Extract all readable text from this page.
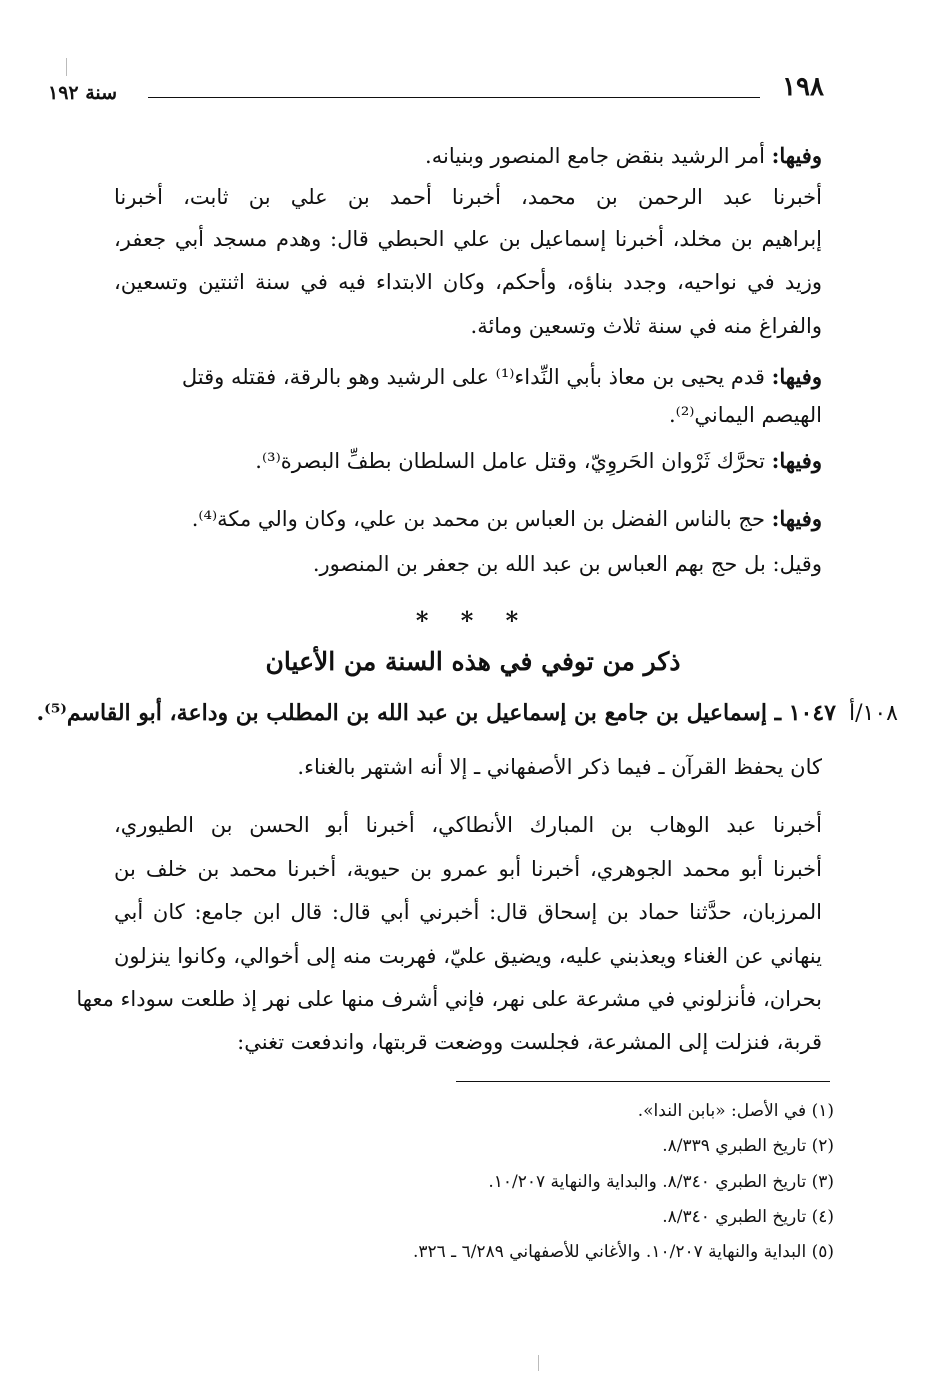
١٩٨
سنة ١٩٢
وفيها: أمر الرشيد بنقض جامع المنصور وبنيانه.
أخبرنا عبد الرحمن بن محمد، أخبرنا أحمد بن علي بن ثابت، أخبرنا
إبراهيم بن مخلد، أخبرنا إسماعيل بن علي الحبطي قال: وهدم مسجد أبي جعفر،
وزيد في نواحيه، وجدد بناؤه، وأحكم، وكان الابتداء فيه في سنة اثنتين وتسعين،
والفراغ منه في سنة ثلاث وتسعين ومائة.
وفيها: قدم يحيى بن معاذ بأبي النِّداء⁽¹⁾ على الرشيد وهو بالرقة، فقتله وقتل
الهيصم اليماني⁽²⁾.
وفيها: تحرَّك ثَرْوان الحَروِيّ، وقتل عامل السلطان بطفِّ البصرة⁽³⁾.
وفيها: حج بالناس الفضل بن العباس بن محمد بن علي، وكان والي مكة⁽⁴⁾.
وقيل: بل حج بهم العباس بن عبد الله بن جعفر بن المنصور.
* * *
ذكر من توفي في هذه السنة من الأعيان
١٠٨/أ١٠٤٧ ـ إسماعيل بن جامع بن إسماعيل بن عبد الله بن المطلب بن وداعة، أبو القاسم⁽⁵⁾.
كان يحفظ القرآن ـ فيما ذكر الأصفهاني ـ إلا أنه اشتهر بالغناء.
أخبرنا عبد الوهاب بن المبارك الأنطاكي، أخبرنا أبو الحسن بن الطيوري،
أخبرنا أبو محمد الجوهري، أخبرنا أبو عمرو بن حيوية، أخبرنا محمد بن خلف بن
المرزبان، حدَّثنا حماد بن إسحاق قال: أخبرني أبي قال: قال ابن جامع: كان أبي
ينهاني عن الغناء ويعذبني عليه، ويضيق عليّ، فهربت منه إلى أخوالي، وكانوا ينزلون
بحران، فأنزلوني في مشرعة على نهر، فإني أشرف منها على نهر إذ طلعت سوداء معها
قربة، فنزلت إلى المشرعة، فجلست ووضعت قربتها، واندفعت تغني:
(١) في الأصل: «بابن الندا».
(٢) تاريخ الطبري ٨/٣٣٩.
(٣) تاريخ الطبري ٨/٣٤٠. والبداية والنهاية ١٠/٢٠٧.
(٤) تاريخ الطبري ٨/٣٤٠.
(٥) البداية والنهاية ١٠/٢٠٧. والأغاني للأصفهاني ٦/٢٨٩ ـ ٣٢٦.
